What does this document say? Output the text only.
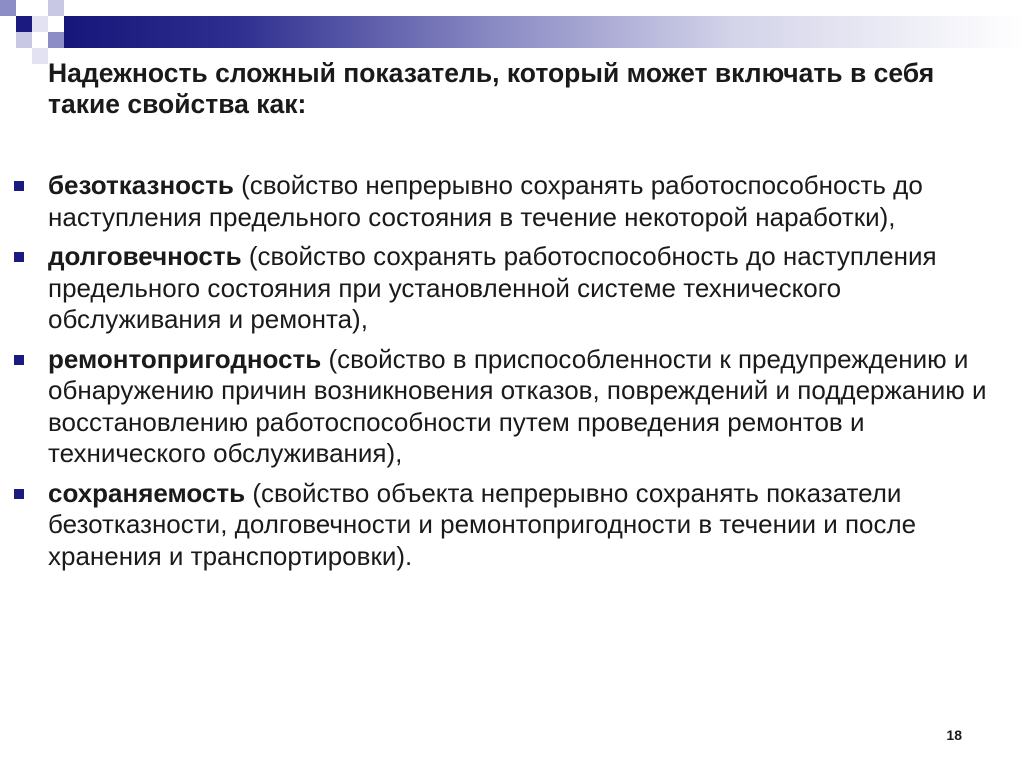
Надежность сложный показатель, который может включать в себя такие свойства как:
безотказность (свойство непрерывно сохранять работоспособность до наступления предельного состояния в течение некоторой наработки),
долговечность (свойство сохранять работоспособность до наступления предельного состояния при установленной системе технического обслуживания и ремонта),
ремонтопригодность (свойство в приспособленности к предупреждению и обнаружению причин возникновения отказов, повреждений и поддержанию и восстановлению работоспособности путем проведения ремонтов и технического обслуживания),
сохраняемость (свойство объекта непрерывно сохранять показатели безотказности, долговечности и ремонтопригодности в течении и после хранения и транспортировки).
18
